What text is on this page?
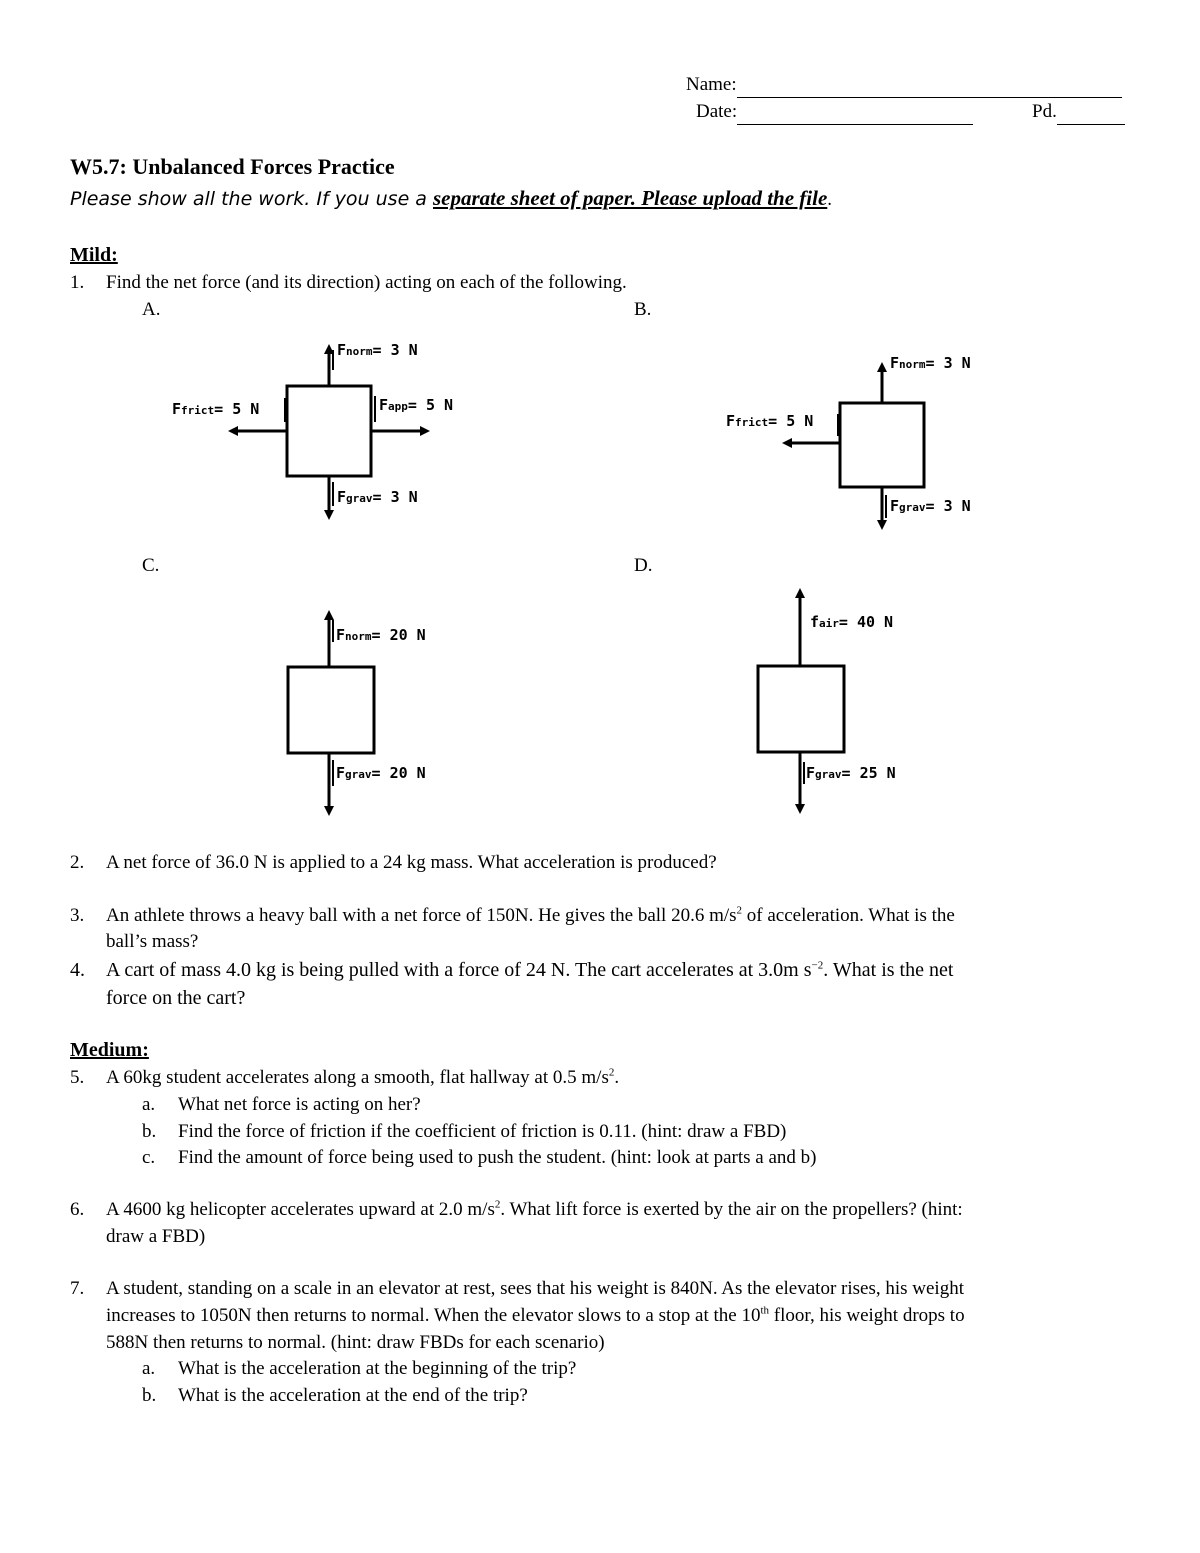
Name:
Date:	Pd.
W5.7: Unbalanced Forces Practice
Please show all the work. If you use a separate sheet of paper. Please upload the file.
Mild:
1. Find the net force (and its direction) acting on each of the following.
A.	B.
C.	D.
Fnorm= 3 N
Ffrict= 5 N	Fapp= 5 N
Fgrav= 3 N
Fnorm= 3 N
Ffrict= 5 N
Fgrav= 3 N
Fnorm= 20 N
Fgrav= 20 N
fair= 40 N
Fgrav= 25 N
2. A net force of 36.0 N is applied to a 24 kg mass. What acceleration is produced?
3. An athlete throws a heavy ball with a net force of 150N. He gives the ball 20.6 $m/s^2$ of acceleration. What is the
ball’s mass?
4. A cart of mass 4.0 kg is being pulled with a force of 24 N. The cart accelerates at 3.0m $s^{-2}$. What is the net
force on the cart?
Medium:
5. A 60kg student accelerates along a smooth, flat hallway at 0.5 $m/s^2$.
a. What net force is acting on her?
b. Find the force of friction if the coefficient of friction is 0.11. (hint: draw a FBD)
c. Find the amount of force being used to push the student. (hint: look at parts a and b)
6. A 4600 kg helicopter accelerates upward at 2.0 $m/s^2$. What lift force is exerted by the air on the propellers? (hint:
draw a FBD)
7. A student, standing on a scale in an elevator at rest, sees that his weight is 840N. As the elevator rises, his weight
increases to 1050N then returns to normal. When the elevator slows to a stop at the 10th floor, his weight drops to
588N then returns to normal. (hint: draw FBDs for each scenario)
a. What is the acceleration at the beginning of the trip?
b. What is the acceleration at the end of the trip?
